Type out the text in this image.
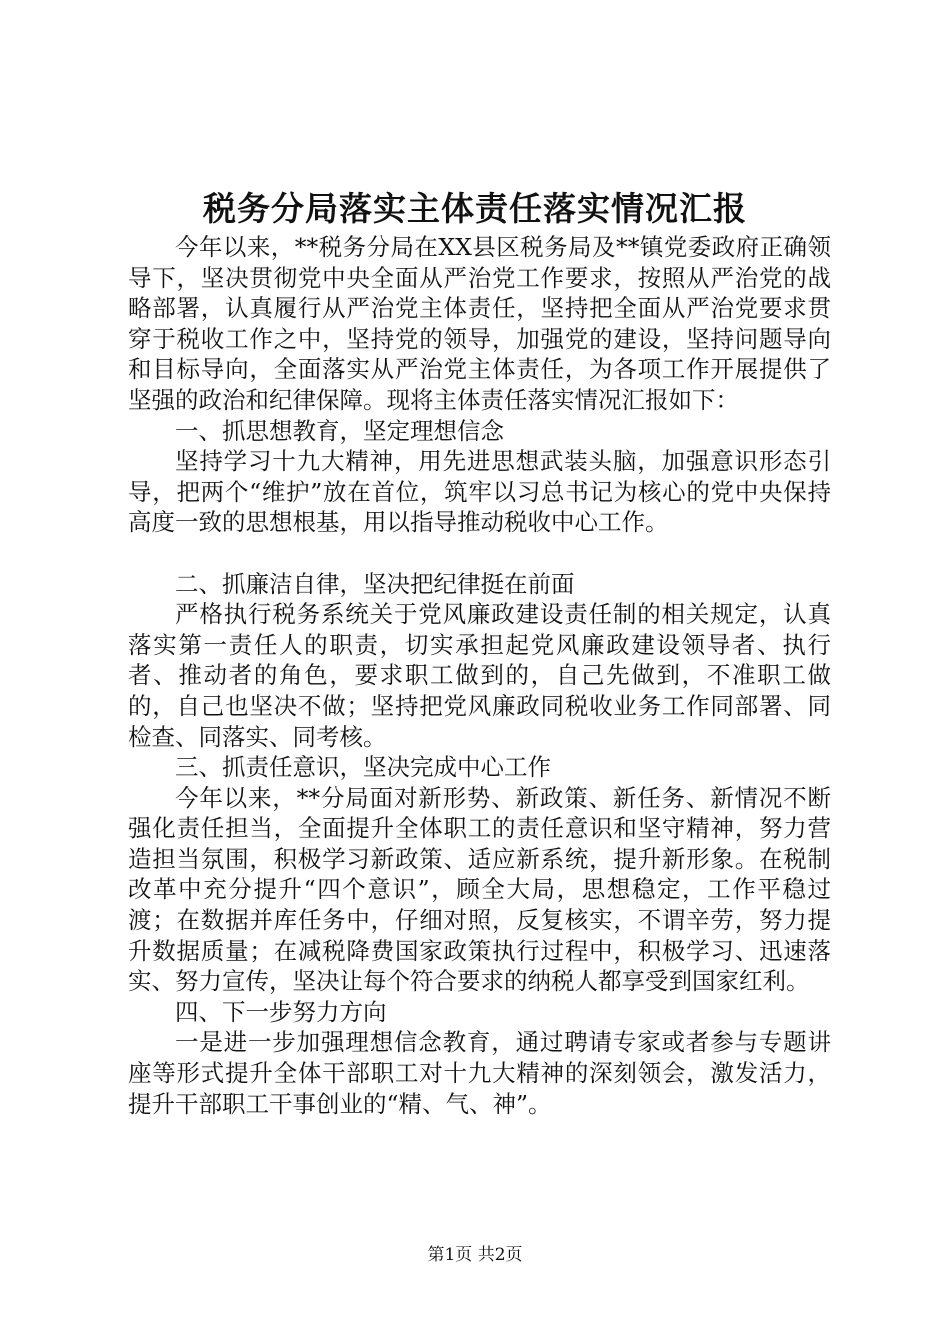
税务分局落实主体责任落实情况汇报

今年以来，**税务分局在XX县区税务局及**镇党委政府正确领导下，坚决贯彻党中央全面从严治党工作要求，按照从严治党的战略部署，认真履行从严治党主体责任，坚持把全面从严治党要求贯穿于税收工作之中，坚持党的领导，加强党的建设，坚持问题导向和目标导向，全面落实从严治党主体责任，为各项工作开展提供了坚强的政治和纪律保障。现将主体责任落实情况汇报如下：

一、抓思想教育，坚定理想信念

坚持学习十九大精神，用先进思想武装头脑，加强意识形态引导，把两个“维护”放在首位，筑牢以习总书记为核心的党中央保持高度一致的思想根基，用以指导推动税收中心工作。

二、抓廉洁自律，坚决把纪律挺在前面

严格执行税务系统关于党风廉政建设责任制的相关规定，认真落实第一责任人的职责，切实承担起党风廉政建设领导者、执行者、推动者的角色，要求职工做到的，自己先做到，不准职工做的，自己也坚决不做；坚持把党风廉政同税收业务工作同部署、同检查、同落实、同考核。

三、抓责任意识，坚决完成中心工作

今年以来，**分局面对新形势、新政策、新任务、新情况不断强化责任担当，全面提升全体职工的责任意识和坚守精神，努力营造担当氛围，积极学习新政策、适应新系统，提升新形象。在税制改革中充分提升“四个意识”，顾全大局，思想稳定，工作平稳过渡；在数据并库任务中，仔细对照，反复核实，不谓辛劳，努力提升数据质量；在减税降费国家政策执行过程中，积极学习、迅速落实、努力宣传，坚决让每个符合要求的纳税人都享受到国家红利。

四、下一步努力方向

一是进一步加强理想信念教育，通过聘请专家或者参与专题讲座等形式提升全体干部职工对十九大精神的深刻领会，激发活力，提升干部职工干事创业的“精、气、神”。

第1页 共2页
